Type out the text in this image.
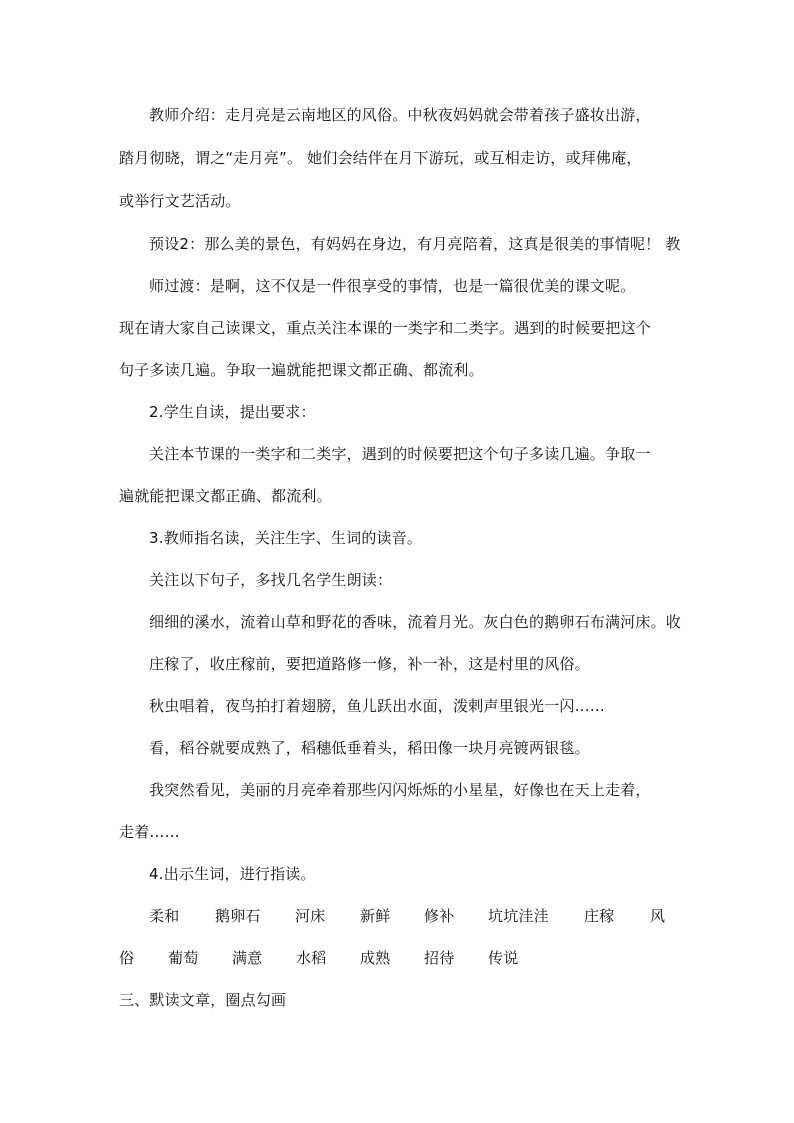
教师介绍：走月亮是云南地区的风俗。中秋夜妈妈就会带着孩子盛妆出游，
踏月彻晓，谓之“走月亮”。 她们会结伴在月下游玩，或互相走访，或拜佛庵，
或举行文艺活动。
预设2：那么美的景色，有妈妈在身边，有月亮陪着，这真是很美的事情呢！ 教
师过渡：是啊，这不仅是一件很享受的事情，也是一篇很优美的课文呢。
现在请大家自己读课文，重点关注本课的一类字和二类字。遇到的时候要把这个
句子多读几遍。争取一遍就能把课文都正确、都流利。
2.学生自读，提出要求：
关注本节课的一类字和二类字，遇到的时候要把这个句子多读几遍。争取一
遍就能把课文都正确、都流利。
3.教师指名读，关注生字、生词的读音。
关注以下句子，多找几名学生朗读：
细细的溪水，流着山草和野花的香味，流着月光。灰白色的鹅卵石布满河床。收
庄稼了，收庄稼前，要把道路修一修，补一补，这是村里的风俗。
秋虫唱着，夜鸟拍打着翅膀，鱼儿跃出水面，泼剌声里银光一闪……
看，稻谷就要成熟了，稻穗低垂着头，稻田像一块月亮镀两银毯。
我突然看见，美丽的月亮牵着那些闪闪烁烁的小星星，好像也在天上走着，
走着……
4.出示生词，进行指读。
柔和 鹅卵石 河床 新鲜 修补 坑坑洼洼 庄稼 风
俗 葡萄 满意 水稻 成熟 招待 传说
三、默读文章，圈点勾画
